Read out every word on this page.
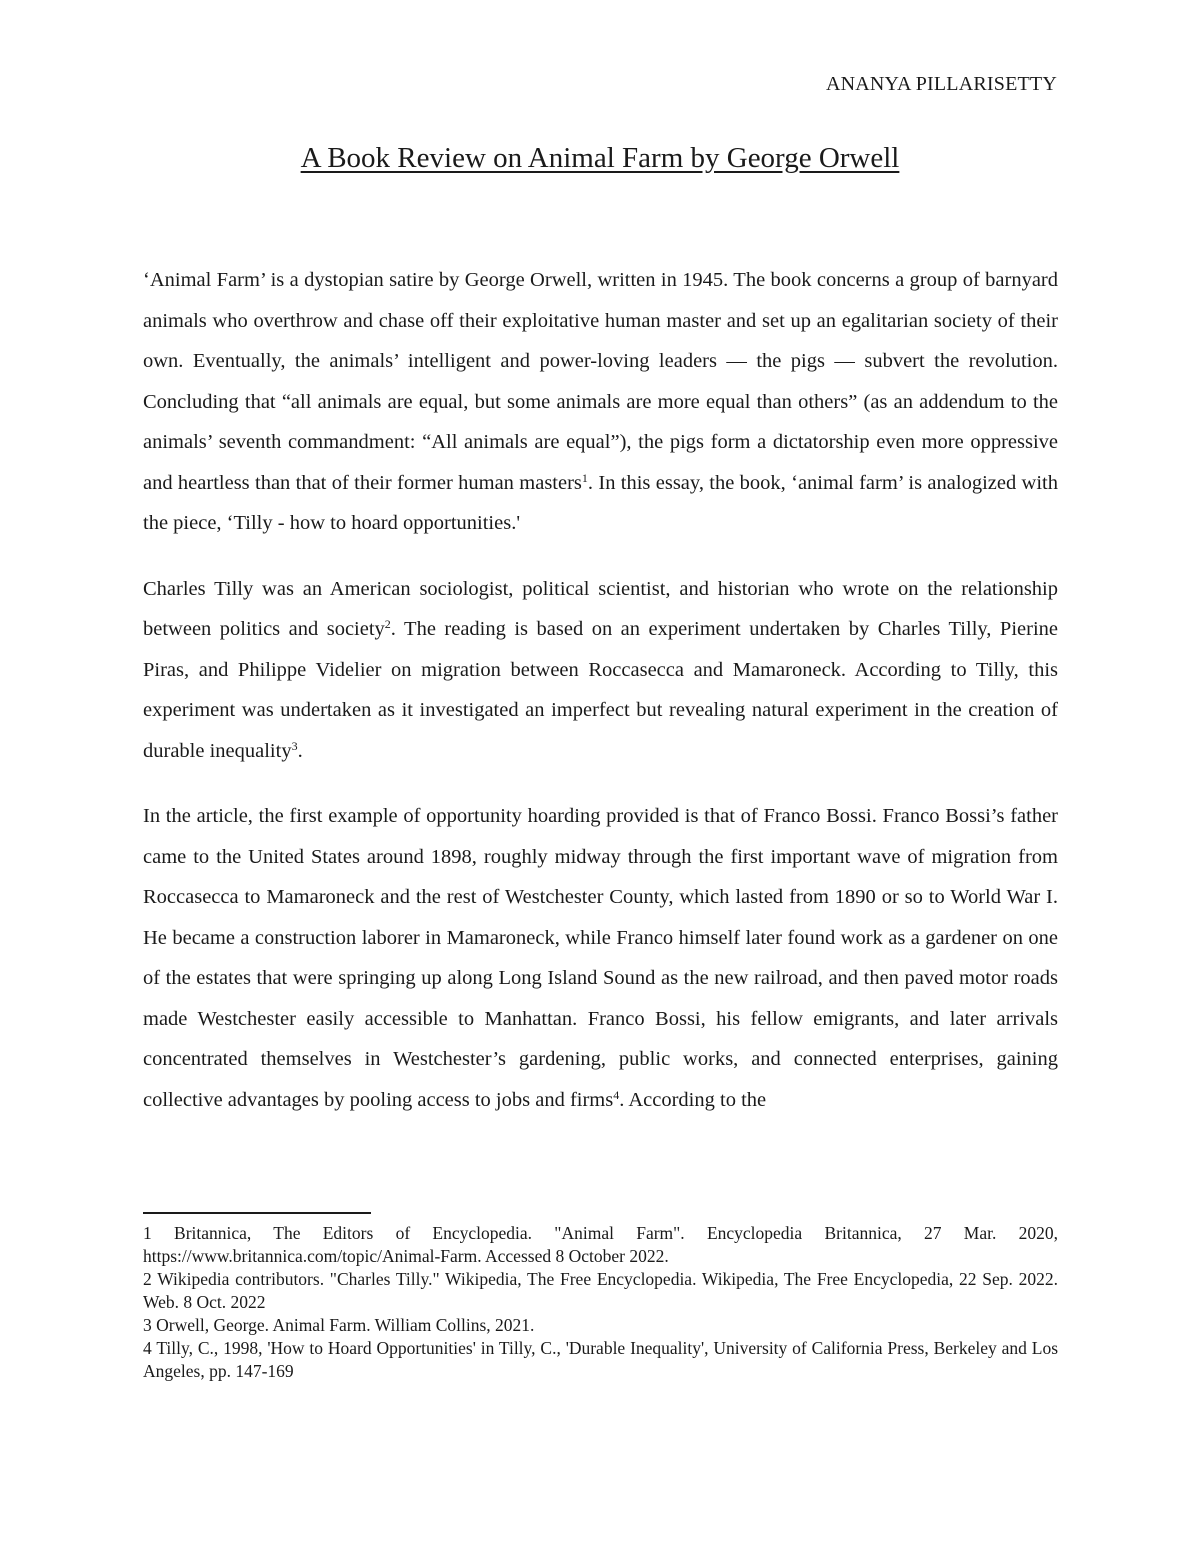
ANANYA PILLARISETTY
A Book Review on Animal Farm by George Orwell

‘Animal Farm’ is a dystopian satire by George Orwell, written in 1945. The book concerns a group of barnyard animals who overthrow and chase off their exploitative human master and set up an egalitarian society of their own. Eventually, the animals’ intelligent and power-loving leaders — the pigs — subvert the revolution. Concluding that “all animals are equal, but some animals are more equal than others” (as an addendum to the animals’ seventh commandment: “All animals are equal”), the pigs form a dictatorship even more oppressive and heartless than that of their former human masters$^1$. In this essay, the book, ‘animal farm’ is analogized with the piece, ‘Tilly - how to hoard opportunities.'

Charles Tilly was an American sociologist, political scientist, and historian who wrote on the relationship between politics and society$^2$. The reading is based on an experiment undertaken by Charles Tilly, Pierine Piras, and Philippe Videlier on migration between Roccasecca and Mamaroneck. According to Tilly, this experiment was undertaken as it investigated an imperfect but revealing natural experiment in the creation of durable inequality$^3$.

In the article, the first example of opportunity hoarding provided is that of Franco Bossi. Franco Bossi’s father came to the United States around 1898, roughly midway through the first important wave of migration from Roccasecca to Mamaroneck and the rest of Westchester County, which lasted from 1890 or so to World War I. He became a construction laborer in Mamaroneck, while Franco himself later found work as a gardener on one of the estates that were springing up along Long Island Sound as the new railroad, and then paved motor roads made Westchester easily accessible to Manhattan. Franco Bossi, his fellow emigrants, and later arrivals concentrated themselves in Westchester’s gardening, public works, and connected enterprises, gaining collective advantages by pooling access to jobs and firms$^4$. According to the

1 Britannica, The Editors of Encyclopedia. "Animal Farm". Encyclopedia Britannica, 27 Mar. 2020, https://www.britannica.com/topic/Animal-Farm. Accessed 8 October 2022.

2 Wikipedia contributors. "Charles Tilly." Wikipedia, The Free Encyclopedia. Wikipedia, The Free Encyclopedia, 22 Sep. 2022. Web. 8 Oct. 2022

3 Orwell, George. Animal Farm. William Collins, 2021.

4 Tilly, C., 1998, 'How to Hoard Opportunities' in Tilly, C., 'Durable Inequality', University of California Press, Berkeley and Los Angeles, pp. 147-169
